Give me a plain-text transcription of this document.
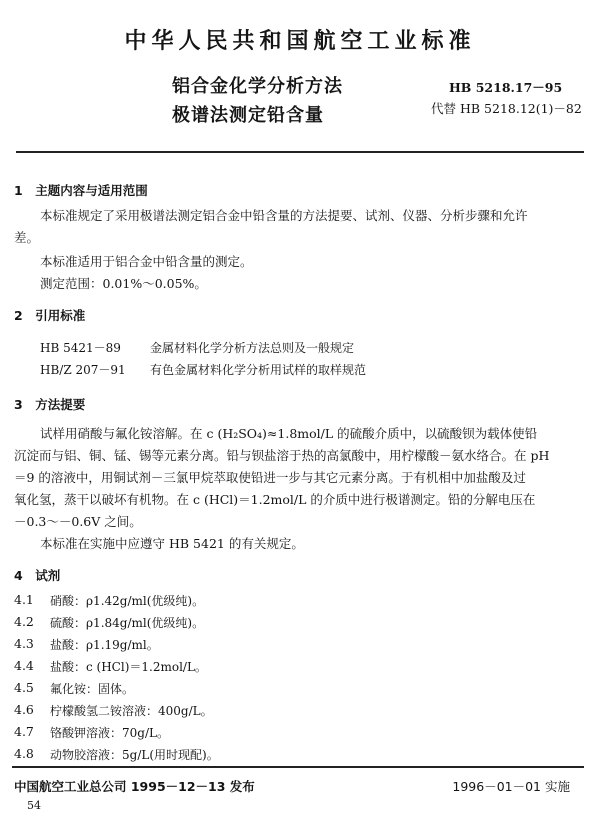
中华人民共和国航空工业标准
铝合金化学分析方法
极谱法测定铅含量
HB 5218.17－95
代替 HB 5218.12(1)－82
1　主题内容与适用范围
本标准规定了采用极谱法测定铝合金中铅含量的方法提要、试剂、仪器、分析步骤和允许
差。
本标准适用于铝合金中铅含量的测定。
测定范围：0.01%～0.05%。
2　引用标准
HB 5421－89 金属材料化学分析方法总则及一般规定
HB/Z 207－91 有色金属材料化学分析用试样的取样规范
3　方法提要
试样用硝酸与氟化铵溶解。在 c (H₂SO₄)≈1.8mol/L 的硫酸介质中，以硫酸钡为载体使铅
沉淀而与铝、铜、锰、锡等元素分离。铅与钡盐溶于热的高氯酸中，用柠檬酸－氨水络合。在 pH
＝9 的溶液中，用铜试剂－三氯甲烷萃取使铅进一步与其它元素分离。于有机相中加盐酸及过
氧化氢，蒸干以破坏有机物。在 c (HCl)＝1.2mol/L 的介质中进行极谱测定。铅的分解电压在
－0.3～－0.6V 之间。
本标准在实施中应遵守 HB 5421 的有关规定。
4　试剂
4.1 硝酸：ρ1.42g/ml(优级纯)。
4.2 硫酸：ρ1.84g/ml(优级纯)。
4.3 盐酸：ρ1.19g/ml。
4.4 盐酸：c (HCl)＝1.2mol/L。
4.5 氟化铵：固体。
4.6 柠檬酸氢二铵溶液：400g/L。
4.7 铬酸钾溶液：70g/L。
4.8 动物胶溶液：5g/L(用时现配)。
中国航空工业总公司 1995－12－13 发布	1996－01－01 实施
54
